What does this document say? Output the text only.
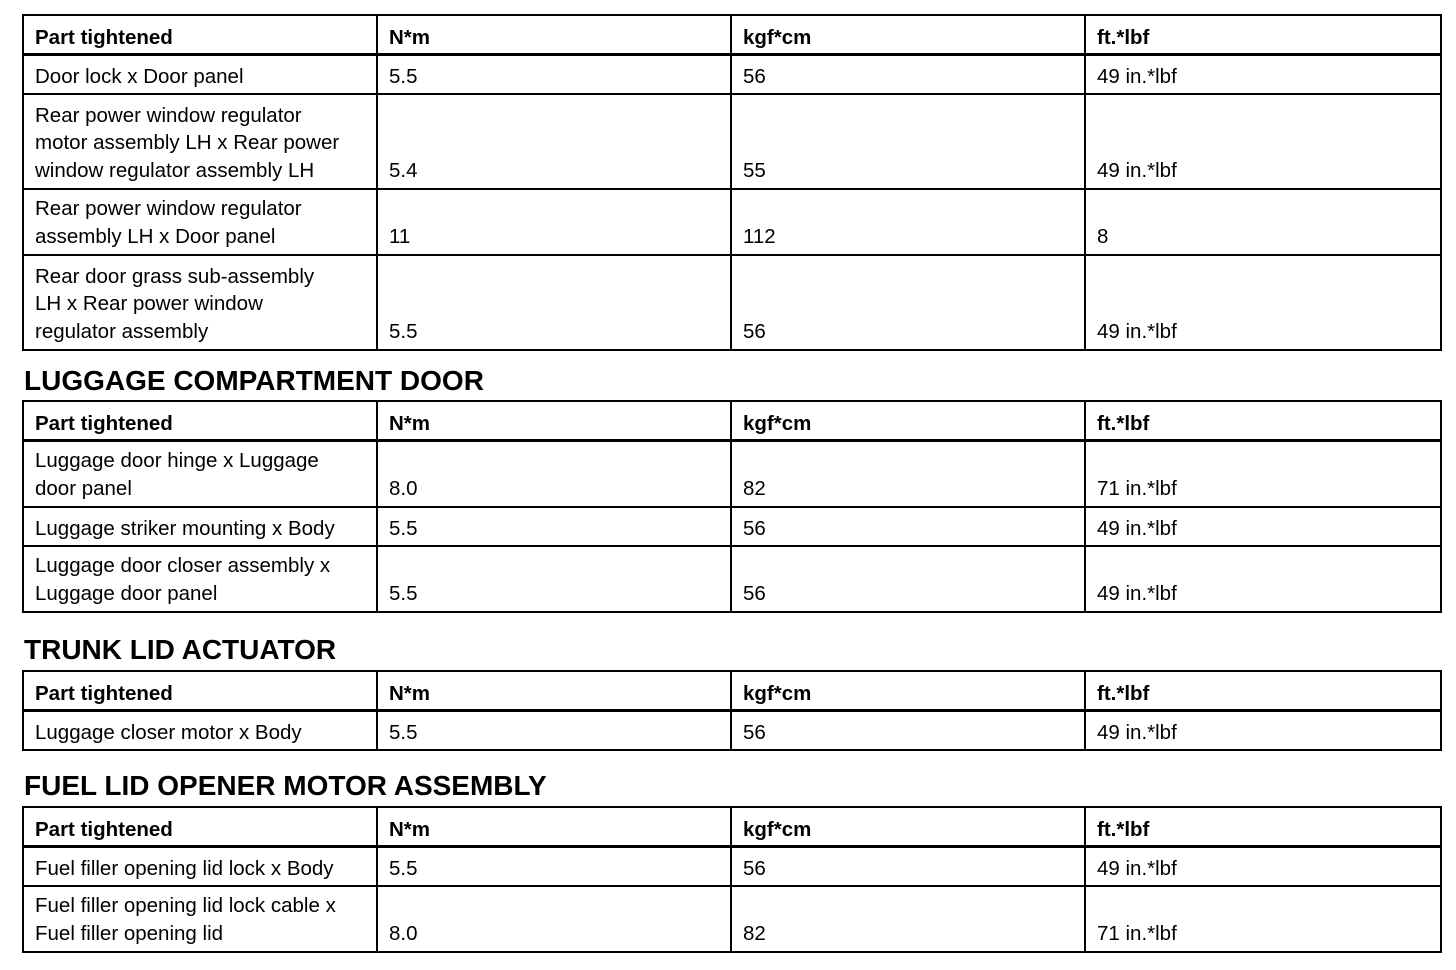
Part tightened	N*m	kgf*cm	ft.*lbf

Door lock x Door panel	5.5	56	49 in.*lbf

Rear power window regulator
motor assembly LH x Rear power
window regulator assembly LH	5.4	55	49 in.*lbf

Rear power window regulator
assembly LH x Door panel	11	112	8

Rear door grass sub-assembly
LH x Rear power window
regulator assembly	5.5	56	49 in.*lbf
LUGGAGE COMPARTMENT DOOR
Part tightened	N*m	kgf*cm	ft.*lbf

Luggage door hinge x Luggage
door panel	8.0	82	71 in.*lbf

Luggage striker mounting x Body	5.5	56	49 in.*lbf

Luggage door closer assembly x
Luggage door panel	5.5	56	49 in.*lbf
TRUNK LID ACTUATOR
Part tightened	N*m	kgf*cm	ft.*lbf

Luggage closer motor x Body	5.5	56	49 in.*lbf
FUEL LID OPENER MOTOR ASSEMBLY
Part tightened	N*m	kgf*cm	ft.*lbf

Fuel filler opening lid lock x Body	5.5	56	49 in.*lbf

Fuel filler opening lid lock cable x
Fuel filler opening lid	8.0	82	71 in.*lbf
